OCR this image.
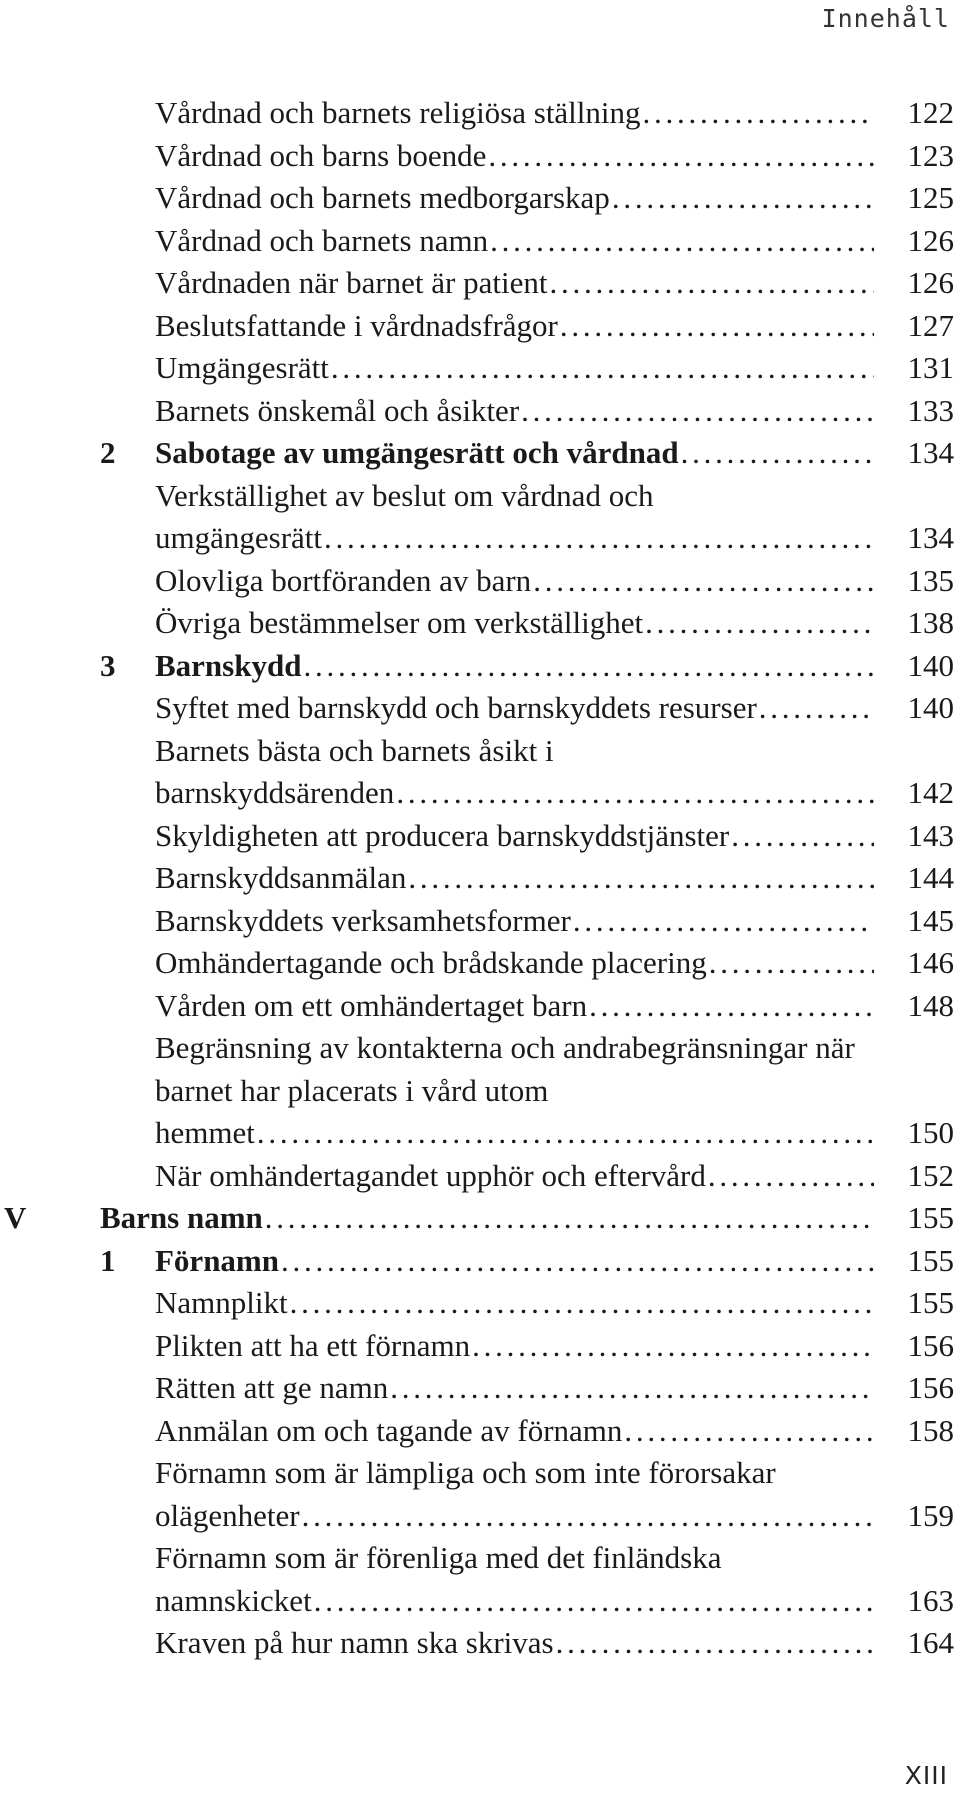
Innehåll
Vårdnad och barnets religiösa ställning . . .	122
Vårdnad och barns boende . . .	123
Vårdnad och barnets medborgarskap . . .	125
Vårdnad och barnets namn . . .	126
Vårdnaden när barnet är patient . . .	126
Beslutsfattande i vårdnadsfrågor . . .	127
Umgängesrätt . . .	131
Barnets önskemål och åsikter . . .	133
2 Sabotage av umgängesrätt och vårdnad . . .	134
Verkställighet av beslut om vårdnad och
umgängesrätt . . .	134
Olovliga bortföranden av barn . . .	135
Övriga bestämmelser om verkställighet . . .	138
3 Barnskydd . . .	140
Syftet med barnskydd och barnskyddets resurser . . .	140
Barnets bästa och barnets åsikt i
barnskyddsärenden . . .	142
Skyldigheten att producera barnskyddstjänster . . .	143
Barnskyddsanmälan . . .	144
Barnskyddets verksamhetsformer . . .	145
Omhändertagande och brådskande placering . . .	146
Vården om ett omhändertaget barn . . .	148
Begränsning av kontakterna och andrabegränsningar när barnet har placerats i vård utom
hemmet . . .	150
När omhändertagandet upphör och eftervård . . .	152
V Barns namn . . .	155
1 Förnamn . . .	155
Namnplikt . . .	155
Plikten att ha ett förnamn . . .	156
Rätten att ge namn . . .	156
Anmälan om och tagande av förnamn . . .	158
Förnamn som är lämpliga och som inte förorsakar
olägenheter . . .	159
Förnamn som är förenliga med det finländska
namnskicket . . .	163
Kraven på hur namn ska skrivas . . .	164
XIII
